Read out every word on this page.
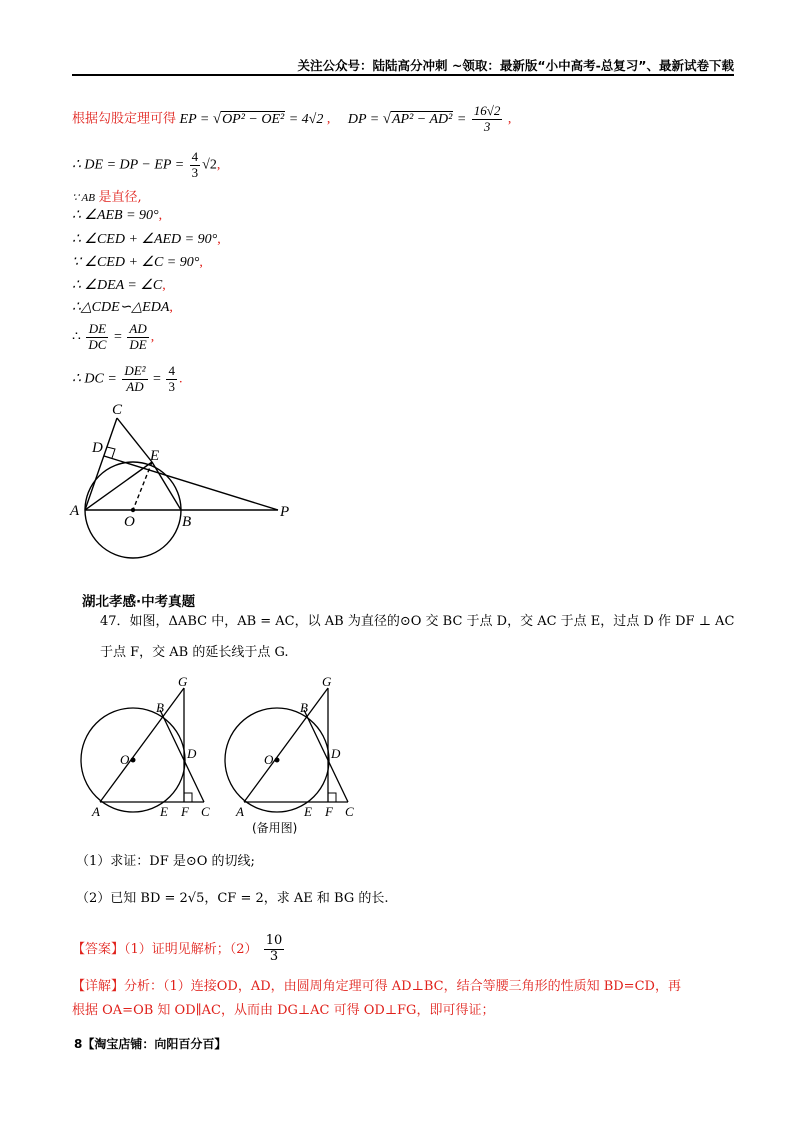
关注公众号：陆陆高分冲刺 ~领取：最新版“小中高考-总复习”、最新试卷下载
根据勾股定理可得 EP = √OP² − OE² = 4√2 , DP = $√AP^2 - AD^2 = \frac{16√2}{3}$ ,
∴ DE = DP − EP = $\frac{4}{3} √2$,
∵ AB 是直径,
∴ ∠AEB = 90°,
∴ ∠CED + ∠AED = 90°,
∵ ∠CED + ∠C = 90°,
∴ ∠DEA = ∠C,
∴△CDE∽△EDA,
∴ $\frac{DE}{DC} = \frac{AD}{DE}$ ,
∴ DC = $\frac{\text{DE²}}{AD} = \frac{4}{3}$ .
C
D	E
A
O	B
P
湖北孝感·中考真题
47．如图，ΔABC 中，AB = AC，以 AB 为直径的⊙O 交 BC 于点 D，交 AC 于点 E，过点 D 作 DF ⊥ AC
于点 F，交 AB 的延长线于点 G.
G
B
O	D
A	E F C
G
B
O	D
A	E F C
(备用图)
（1）求证：DF 是⊙O 的切线;
（2）已知 BD = 2√5，CF = 2，求 AE 和 BG 的长.
【答案】（1）证明见解析；$(2) \frac{10}{3}$
【详解】分析：（1）连接OD，AD，由圆周角定理可得 AD⊥BC，结合等腰三角形的性质知 BD=CD，再
根据 OA=OB 知 OD∥AC，从而由 DG⊥AC 可得 OD⊥FG，即可得证；
8【淘宝店铺：向阳百分百】
